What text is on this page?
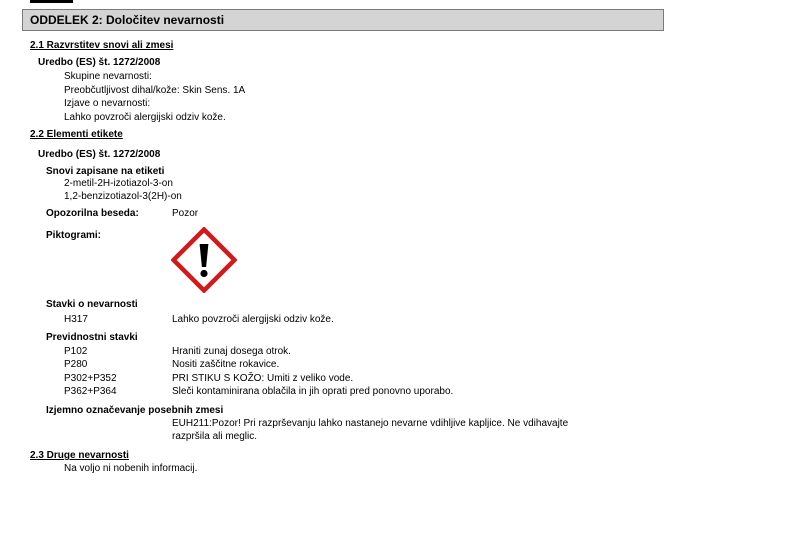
ODDELEK 2: Določitev nevarnosti
2.1 Razvrstitev snovi ali zmesi
Uredbo (ES) št. 1272/2008
Skupine nevarnosti:
Preobčutljivost dihal/kože: Skin Sens. 1A
Izjave o nevarnosti:
Lahko povzroči alergijski odziv kože.
2.2 Elementi etikete
Uredbo (ES) št. 1272/2008
Snovi zapisane na etiketi
2-metil-2H-izotiazol-3-on
1,2-benzizotiazol-3(2H)-on
Opozorilna beseda:	Pozor
Piktogrami:
Stavki o nevarnosti
H317	Lahko povzroči alergijski odziv kože.
Previdnostni stavki
P102	Hraniti zunaj dosega otrok.
P280	Nositi zaščitne rokavice.
P302+P352	PRI STIKU S KOŽO: Umiti z veliko vode.
P362+P364	Sleči kontaminirana oblačila in jih oprati pred ponovno uporabo.
Izjemno označevanje posebnih zmesi
EUH211:Pozor! Pri razprševanju lahko nastanejo nevarne vdihljive kapljice. Ne vdihavajte
razpršila ali meglic.
2.3 Druge nevarnosti
Na voljo ni nobenih informacij.
